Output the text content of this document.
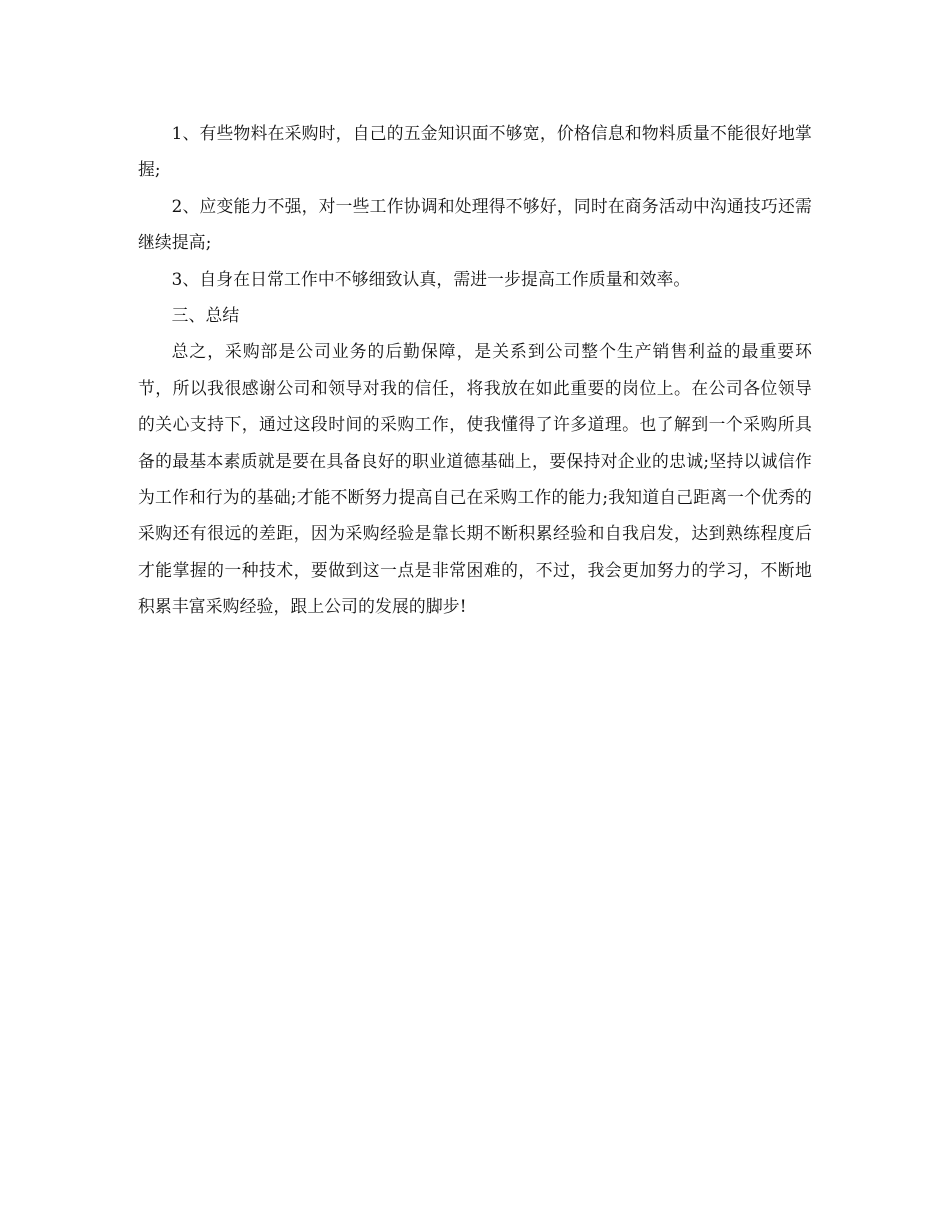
1、有些物料在采购时，自己的五金知识面不够宽，价格信息和物料质量不能很好地掌握;

2、应变能力不强，对一些工作协调和处理得不够好，同时在商务活动中沟通技巧还需继续提高;

3、自身在日常工作中不够细致认真，需进一步提高工作质量和效率。

三、总结

总之，采购部是公司业务的后勤保障，是关系到公司整个生产销售利益的最重要环节，所以我很感谢公司和领导对我的信任，将我放在如此重要的岗位上。在公司各位领导的关心支持下，通过这段时间的采购工作，使我懂得了许多道理。也了解到一个采购所具备的最基本素质就是要在具备良好的职业道德基础上，要保持对企业的忠诚;坚持以诚信作为工作和行为的基础;才能不断努力提高自己在采购工作的能力;我知道自己距离一个优秀的采购还有很远的差距，因为采购经验是靠长期不断积累经验和自我启发，达到熟练程度后才能掌握的一种技术，要做到这一点是非常困难的，不过，我会更加努力的学习，不断地积累丰富采购经验，跟上公司的发展的脚步!
